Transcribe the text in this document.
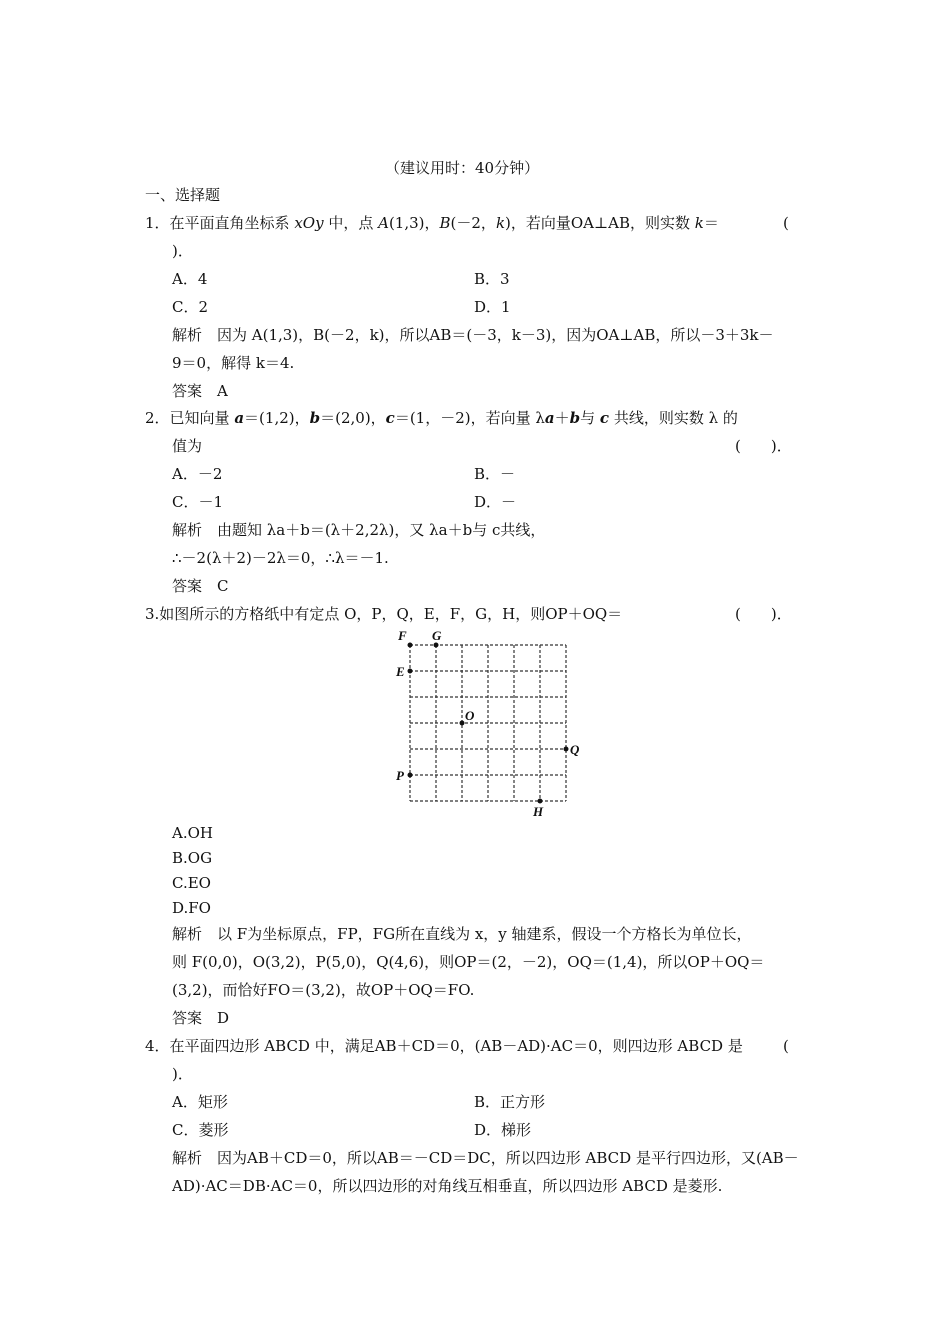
（建议用时：40分钟）
一、选择题
1．在平面直角坐标系 xOy 中，点 A(1,3)，B(－2，k)，若向量OA⊥AB，则实数 k＝	(
)．
A．4	B．3
C．2	D．1
解析　因为 A(1,3)，B(－2，k)，所以AB＝(－3，k－3)，因为OA⊥AB，所以－3＋3k－
9＝0，解得 k＝4.
答案　A
2．已知向量 a＝(1,2)，b＝(2,0)，c＝(1，－2)，若向量 λa＋b与 c 共线，则实数 λ 的
值为	(　　)．
A．－2	B．－
C．－1	D．－
解析　由题知 λa＋b＝(λ＋2,2λ)，又 λa＋b与 c共线，
∴－2(λ＋2)－2λ＝0，∴λ＝－1.
答案　C
3.如图所示的方格纸中有定点 O，P，Q，E，F，G，H，则OP＋OQ＝	(　　)．
F G
E
O
Q
P
H
A.OH
B.OG
C.EO
D.FO
解析　以 F为坐标原点，FP，FG所在直线为 x，y 轴建系，假设一个方格长为单位长，
则 F(0,0)，O(3,2)，P(5,0)，Q(4,6)，则OP＝(2，－2)，OQ＝(1,4)，所以OP＋OQ＝
(3,2)，而恰好FO＝(3,2)，故OP＋OQ＝FO.
答案　D
4．在平面四边形 ABCD 中，满足AB＋CD＝0，(AB－AD)·AC＝0，则四边形 ABCD 是	(
)．
A．矩形	B．正方形
C．菱形	D．梯形
解析　因为AB＋CD＝0，所以AB＝－CD＝DC，所以四边形 ABCD 是平行四边形，又(AB－
AD)·AC＝DB·AC＝0，所以四边形的对角线互相垂直，所以四边形 ABCD 是菱形.
